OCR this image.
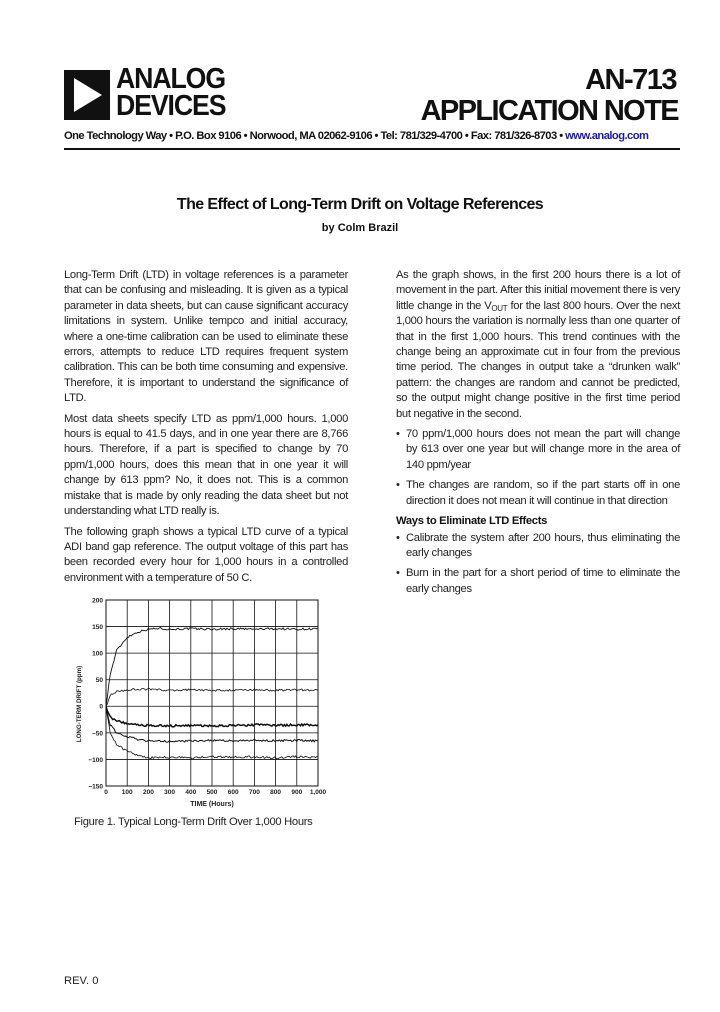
ANALOG
DEVICES
AN-713
APPLICATION NOTE
One Technology Way • P.O. Box 9106 • Norwood, MA 02062-9106 • Tel: 781/329-4700 • Fax: 781/326-8703 • www.analog.com
The Effect of Long-Term Drift on Voltage References
by Colm Brazil

Long-Term Drift (LTD) in voltage references is a parameter that can be confusing and misleading. It is given as a typical parameter in data sheets, but can cause significant accuracy limitations in system. Unlike tempco and initial accuracy, where a one-time calibration can be used to eliminate these errors, attempts to reduce LTD requires frequent system calibration. This can be both time consuming and expensive. Therefore, it is important to understand the significance of LTD.

Most data sheets specify LTD as ppm/1,000 hours. 1,000 hours is equal to 41.5 days, and in one year there are 8,766 hours. Therefore, if a part is specified to change by 70 ppm/1,000 hours, does this mean that in one year it will change by 613 ppm? No, it does not. This is a common mistake that is made by only reading the data sheet but not understanding what LTD really is.

The following graph shows a typical LTD curve of a typical ADI band gap reference. The output voltage of this part has been recorded every hour for 1,000 hours in a controlled environment with a temperature of 50 C.

0 100 200 300 400 500 600 700 800 900 1,000
200
150
100
50
0
−50
−100
−150
TIME (Hours)
LONG-TERM DRIFT (ppm)
Figure 1. Typical Long-Term Drift Over 1,000 Hours

As the graph shows, in the first 200 hours there is a lot of movement in the part. After this initial movement there is very little change in the $V_{OUT}$ for the last 800 hours. Over the next 1,000 hours the variation is normally less than one quarter of that in the first 1,000 hours. This trend continues with the change being an approximate cut in four from the previous time period. The changes in output take a “drunken walk” pattern: the changes are random and cannot be predicted, so the output might change positive in the first time period but negative in the second.

• 70 ppm/1,000 hours does not mean the part will change by 613 over one year but will change more in the area of 140 ppm/year
• The changes are random, so if the part starts off in one direction it does not mean it will continue in that direction
Ways to Eliminate LTD Effects
• Calibrate the system after 200 hours, thus eliminating the early changes
• Burn in the part for a short period of time to eliminate the early changes
REV. 0
